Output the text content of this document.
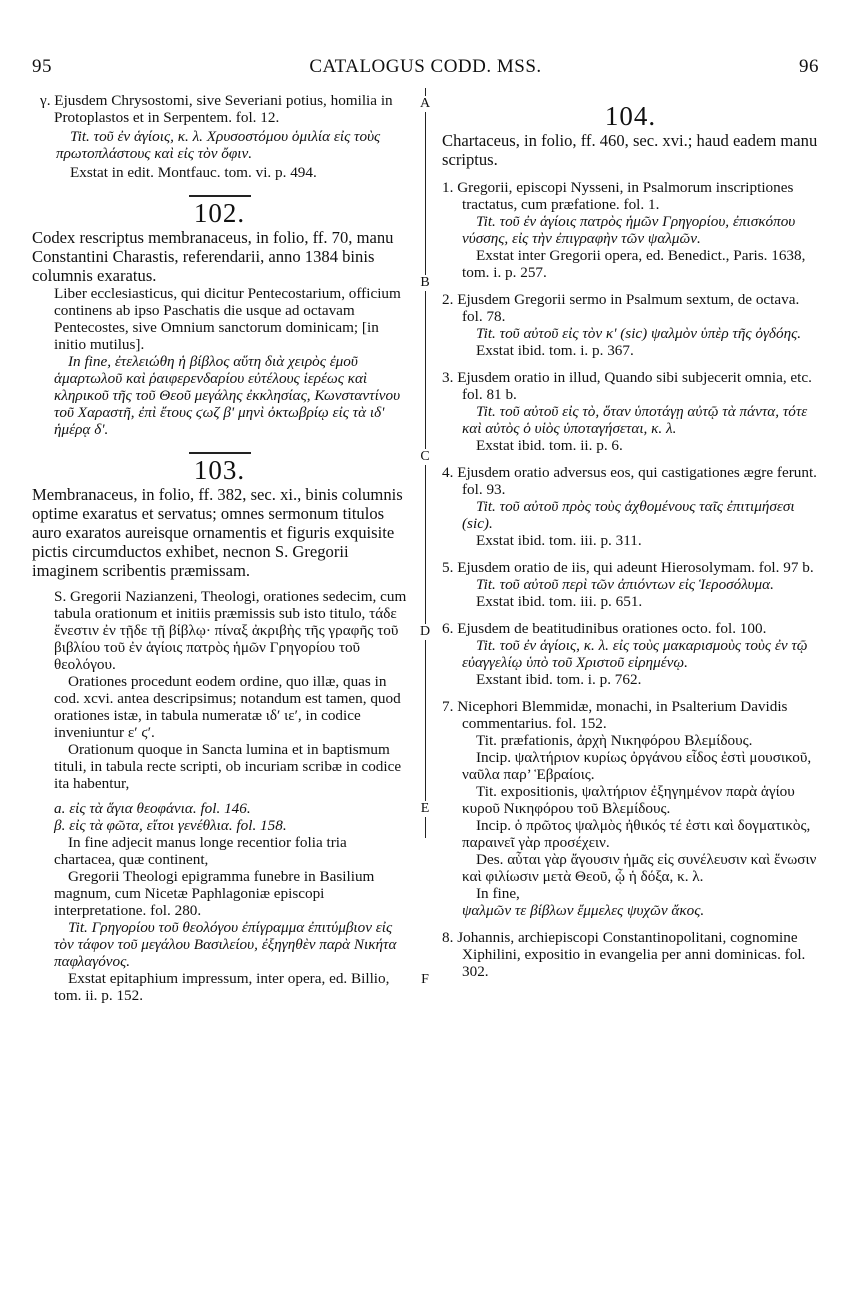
95	CATALOGUS CODD. MSS.	96
A
B
C
D
E
F

γ. Ejusdem Chrysostomi, sive Severiani potius, homilia in Protoplastos et in Serpentem. fol. 12.

Tit. τοῦ ἐν ἁγίοις, κ. λ. Χρυσοστόμου ὁμιλία εἰς τοὺς πρωτοπλάστους καὶ εἰς τὸν ὄφιν.

Exstat in edit. Montfauc. tom. vi. p. 494.

102.

Codex rescriptus membranaceus, in folio, ff. 70, manu Constantini Charastis, referendarii, anno 1384 binis columnis exaratus.

Liber ecclesiasticus, qui dicitur Pentecostarium, officium continens ab ipso Paschatis die usque ad octavam Pentecostes, sive Omnium sanctorum dominicam; [in initio mutilus].

In fine, ἐτελειώθη ἡ βίβλος αὕτη διὰ χειρὸς ἐμοῦ ἁμαρτωλοῦ καὶ ῥαιφερενδαρίου εὐτέλους ἱερέως καὶ κληρικοῦ τῆς τοῦ Θεοῦ μεγάλης ἐκκλησίας, Κωνσταντίνου τοῦ Χαραστῆ, ἐπὶ ἔτους ϛωζ βʹ μηνὶ ὀκτωβρίῳ εἰς τὰ ιδʹ ἡμέρᾳ δʹ.

103.

Membranaceus, in folio, ff. 382, sec. xi., binis columnis optime exaratus et servatus; omnes sermonum titulos auro exaratos aureisque ornamentis et figuris exquisite pictis circumductos exhibet, necnon S. Gregorii imaginem scribentis præmissam.

S. Gregorii Nazianzeni, Theologi, orationes sedecim, cum tabula orationum et initiis præmissis sub isto titulo, τάδε ἔνεστιν ἐν τῇδε τῇ βίβλῳ· πίναξ ἀκριβὴς τῆς γραφῆς τοῦ βιβλίου τοῦ ἐν ἁγίοις πατρὸς ἡμῶν Γρηγορίου τοῦ θεολόγου.

Orationes procedunt eodem ordine, quo illæ, quas in cod. xcvi. antea descripsimus; notandum est tamen, quod orationes istæ, in tabula numeratæ ιδʹ ιεʹ, in codice inveniuntur εʹ ϛʹ.

Orationum quoque in Sancta lumina et in baptismum tituli, in tabula recte scripti, ob incuriam scribæ in codice ita habentur,

a. εἰς τὰ ἅγια θεοφάνια. fol. 146.

β. εἰς τὰ φῶτα, εἴτοι γενέθλια. fol. 158.

In fine adjecit manus longe recentior folia tria chartacea, quæ continent,

Gregorii Theologi epigramma funebre in Basilium magnum, cum Nicetæ Paphlagoniæ episcopi interpretatione. fol. 280.

Tit. Γρηγορίου τοῦ θεολόγου ἐπίγραμμα ἐπιτύμβιον εἰς τὸν τάφον τοῦ μεγάλου Βασιλείου, ἐξηγηθὲν παρὰ Νικήτα παφλαγόνος.

Exstat epitaphium impressum, inter opera, ed. Billio, tom. ii. p. 152.

104.

Chartaceus, in folio, ff. 460, sec. xvi.; haud eadem manu scriptus.

1. Gregorii, episcopi Nysseni, in Psalmorum inscriptiones tractatus, cum præfatione. fol. 1.

Tit. τοῦ ἐν ἁγίοις πατρὸς ἡμῶν Γρηγορίου, ἐπισκόπου νύσσης, εἰς τὴν ἐπιγραφὴν τῶν ψαλμῶν.

Exstat inter Gregorii opera, ed. Benedict., Paris. 1638, tom. i. p. 257.

2. Ejusdem Gregorii sermo in Psalmum sextum, de octava. fol. 78.

Tit. τοῦ αὐτοῦ εἰς τὸν κʹ (sic) ψαλμὸν ὑπὲρ τῆς ὀγδόης.

Exstat ibid. tom. i. p. 367.

3. Ejusdem oratio in illud, Quando sibi subjecerit omnia, etc. fol. 81 b.

Tit. τοῦ αὐτοῦ εἰς τὸ, ὅταν ὑποτάγῃ αὐτῷ τὰ πάντα, τότε καὶ αὐτὸς ὁ υἱὸς ὑποταγήσεται, κ. λ.

Exstat ibid. tom. ii. p. 6.

4. Ejusdem oratio adversus eos, qui castigationes ægre ferunt. fol. 93.

Tit. τοῦ αὐτοῦ πρὸς τοὺς ἀχθομένους ταῖς ἐπιτιμήσεσι (sic).

Exstat ibid. tom. iii. p. 311.

5. Ejusdem oratio de iis, qui adeunt Hierosolymam. fol. 97 b.

Tit. τοῦ αὐτοῦ περὶ τῶν ἀπιόντων εἰς Ἱεροσόλυμα.

Exstat ibid. tom. iii. p. 651.

6. Ejusdem de beatitudinibus orationes octo. fol. 100.

Tit. τοῦ ἐν ἁγίοις, κ. λ. εἰς τοὺς μακαρισμοὺς τοὺς ἐν τῷ εὐαγγελίῳ ὑπὸ τοῦ Χριστοῦ εἰρημένῳ.

Exstant ibid. tom. i. p. 762.

7. Nicephori Blemmidæ, monachi, in Psalterium Davidis commentarius. fol. 152.

Tit. præfationis, ἀρχὴ Νικηφόρου Βλεμίδους.

Incip. ψαλτήριον κυρίως ὀργάνου εἶδος ἐστὶ μουσικοῦ, ναῦλα παρ’ Ἑβραίοις.

Tit. expositionis, ψαλτήριον ἐξηγημένον παρὰ ἁγίου κυροῦ Νικηφόρου τοῦ Βλεμίδους.

Incip. ὁ πρῶτος ψαλμὸς ἠθικός τέ ἐστι καὶ δογματικὸς, παραινεῖ γὰρ προσέχειν.

Des. αὗται γὰρ ἄγουσιν ἡμᾶς εἰς συνέλευσιν καὶ ἕνωσιν καὶ φιλίωσιν μετὰ Θεοῦ, ᾧ ἡ δόξα, κ. λ.

In fine,

ψαλμῶν τε βίβλων ἔμμελες ψυχῶν ἄκος.

8. Johannis, archiepiscopi Constantinopolitani, cognomine Xiphilini, expositio in evangelia per anni dominicas. fol. 302.
